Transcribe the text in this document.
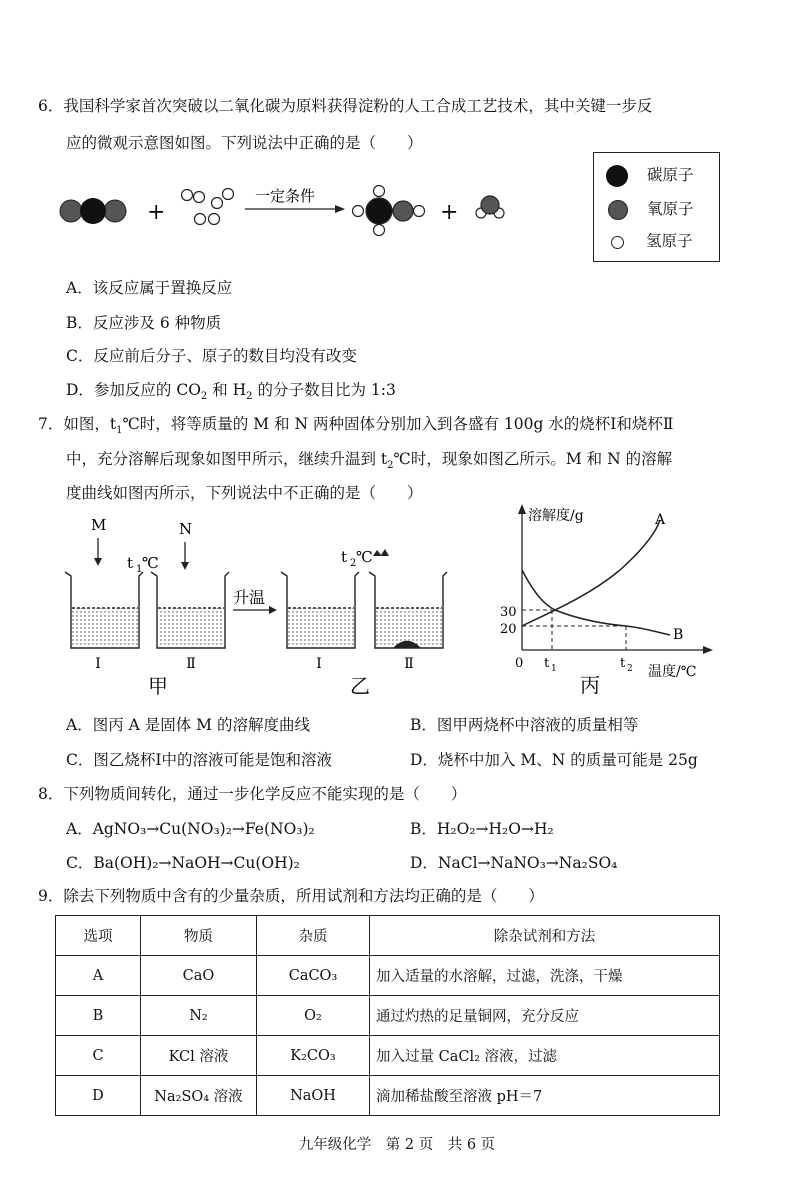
6．我国科学家首次突破以二氧化碳为原料获得淀粉的人工合成工艺技术，其中关键一步反
应的微观示意图如图。下列说法中正确的是（　　）
+
一定条件
+
碳原子
氧原子
氢原子
A．该反应属于置换反应
B．反应涉及 6 种物质
C．反应前后分子、原子的数目均没有改变
D．参加反应的 $CO_2$ 和 $H_2$ 的分子数目比为 1:3
7．如图，$t_1℃$时，将等质量的 M 和 N 两种固体分别加入到各盛有 100g 水的烧杯Ⅰ和烧杯Ⅱ
中，充分溶解后现象如图甲所示，继续升温到 $t_2℃$时，现象如图乙所示。M 和 N 的溶解
度曲线如图丙所示，下列说法中不正确的是（　　）
M	N
t 1 ℃	t 2 ℃
升温
Ⅰ	Ⅱ	Ⅰ	Ⅱ
甲	乙
溶解度/g
温度/℃
0
30
20
t 1	t 2
A
B
丙
A．图丙 A 是固体 M 的溶解度曲线	B．图甲两烧杯中溶液的质量相等
C．图乙烧杯Ⅰ中的溶液可能是饱和溶液	D．烧杯中加入 M、N 的质量可能是 25g
8．下列物质间转化，通过一步化学反应不能实现的是（　　）
A．AgNO₃→Cu(NO₃)₂→Fe(NO₃)₂	B．H₂O₂→H₂O→H₂
C．Ba(OH)₂→NaOH→Cu(OH)₂	D．NaCl→NaNO₃→Na₂SO₄
9．除去下列物质中含有的少量杂质，所用试剂和方法均正确的是（　　）
选项	物质	杂质	除杂试剂和方法
A	CaO	CaCO₃	加入适量的水溶解，过滤，洗涤，干燥
B	N₂	O₂	通过灼热的足量铜网，充分反应
C	KCl 溶液	K₂CO₃	加入过量 CaCl₂ 溶液，过滤
D	Na₂SO₄ 溶液	NaOH	滴加稀盐酸至溶液 pH＝7
九年级化学　第 2 页　共 6 页
